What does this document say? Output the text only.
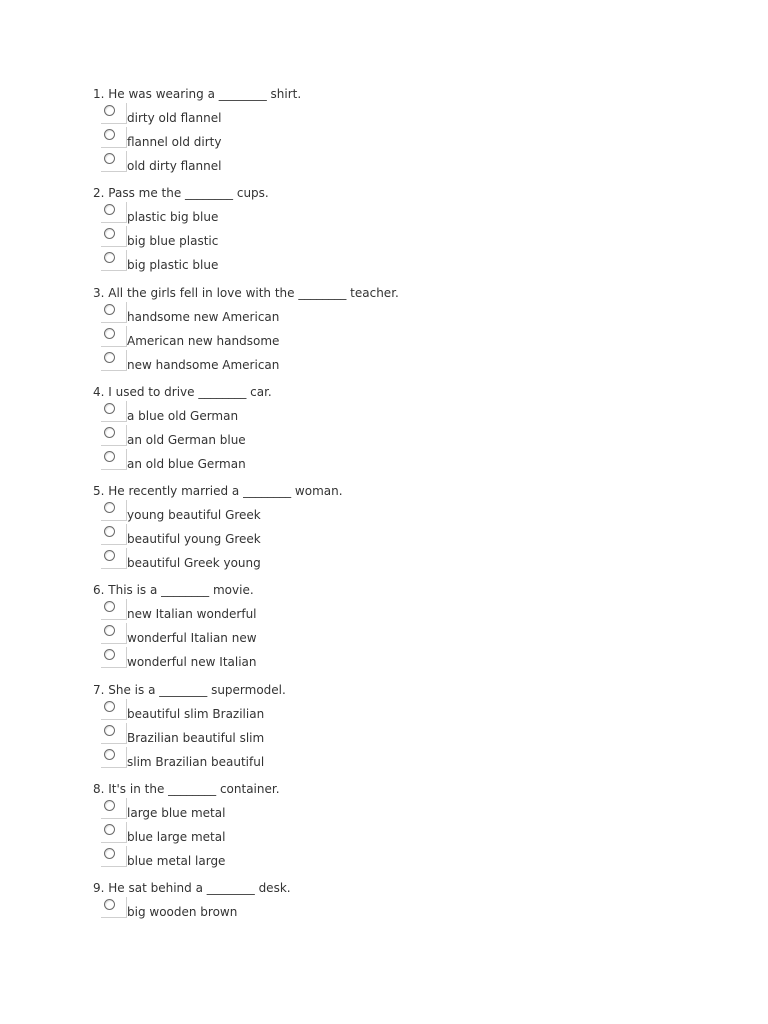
1. He was wearing a ________ shirt.
dirty old flannel
flannel old dirty
old dirty flannel
2. Pass me the ________ cups.
plastic big blue
big blue plastic
big plastic blue
3. All the girls fell in love with the ________ teacher.
handsome new American
American new handsome
new handsome American
4. I used to drive ________ car.
a blue old German
an old German blue
an old blue German
5. He recently married a ________ woman.
young beautiful Greek
beautiful young Greek
beautiful Greek young
6. This is a ________ movie.
new Italian wonderful
wonderful Italian new
wonderful new Italian
7. She is a ________ supermodel.
beautiful slim Brazilian
Brazilian beautiful slim
slim Brazilian beautiful
8. It's in the ________ container.
large blue metal
blue large metal
blue metal large
9. He sat behind a ________ desk.
big wooden brown
